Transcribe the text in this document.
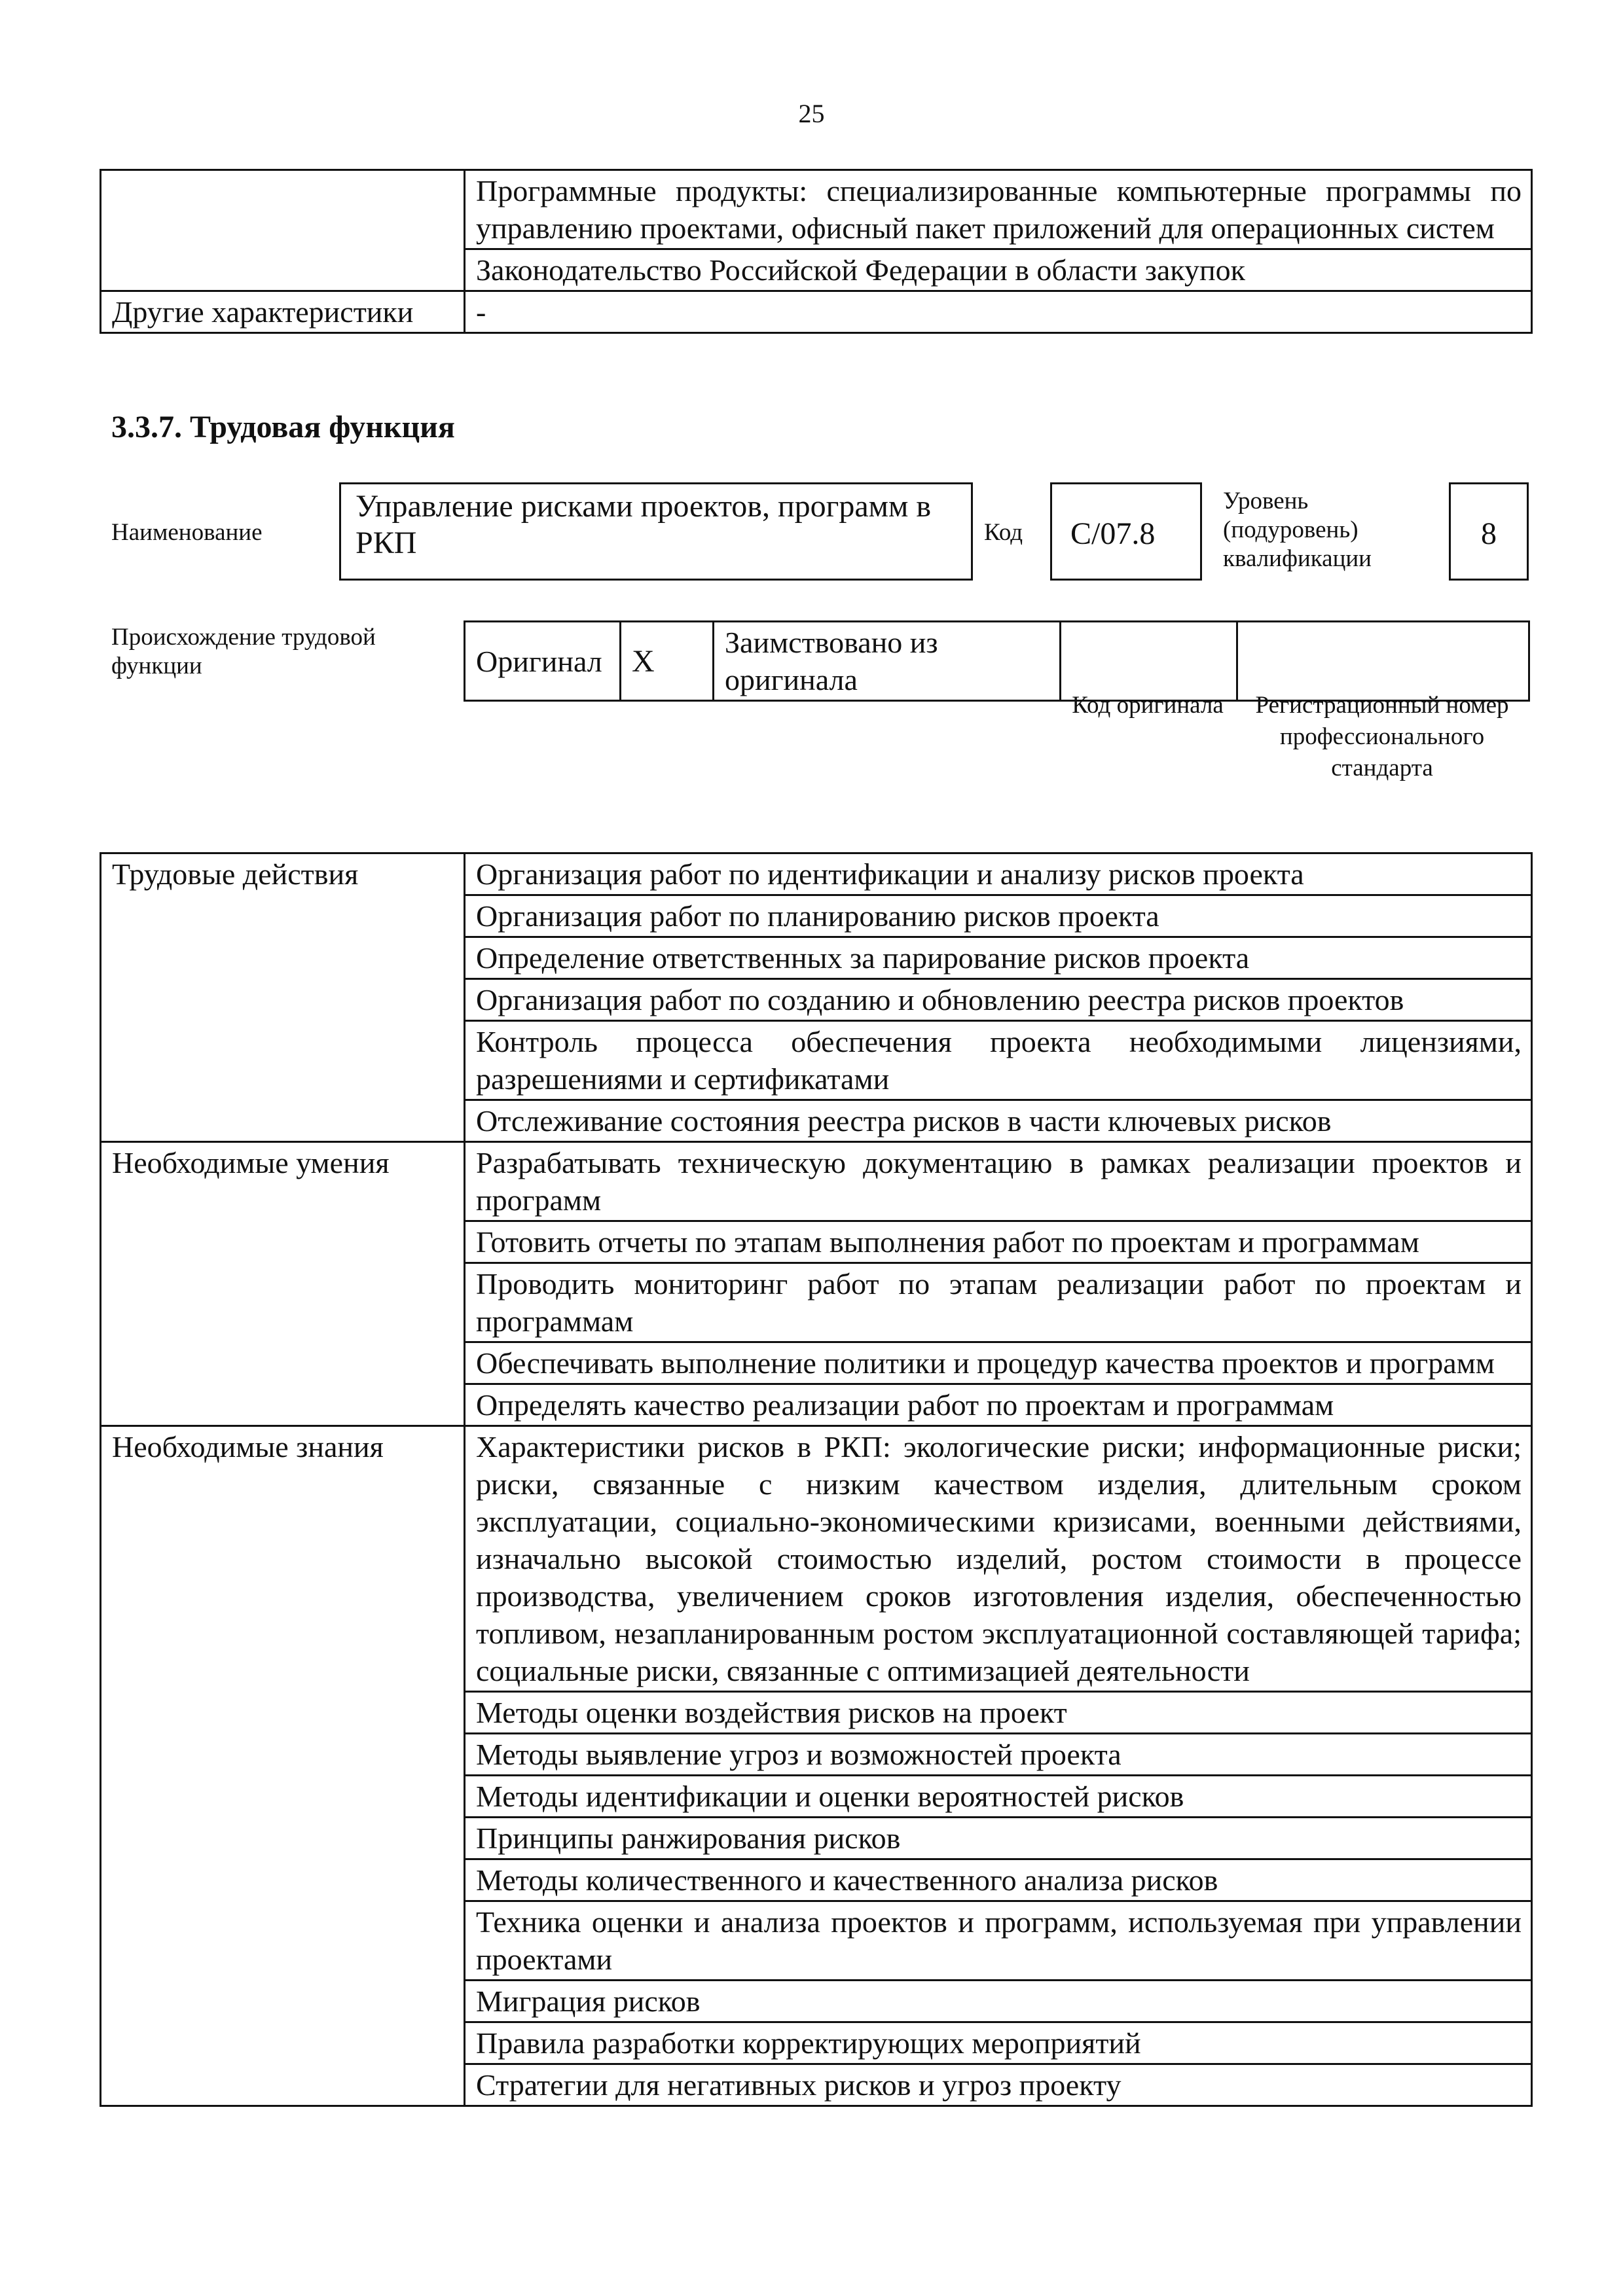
25
	Программные продукты: специализированные компьютерные программы по управлению проектами, офисный пакет приложений для операционных систем
	Законодательство Российской Федерации в области закупок
Другие характеристики	-
3.3.7. Трудовая функция
Наименование
Управление рисками проектов, программ в РКП	Код	C/07.8
Уровень (подуровень) квалификации
8
Происхождение трудовой функции	Оригинал	X	Заимствовано из оригинала		
Код оригинала	Регистрационный номер профессионального стандарта
Трудовые действия	Организация работ по идентификации и анализу рисков проекта
	Организация работ по планированию рисков проекта
	Определение ответственных за парирование рисков проекта
	Организация работ по созданию и обновлению реестра рисков проектов
	Контроль процесса обеспечения проекта необходимыми лицензиями, разрешениями и сертификатами
	Отслеживание состояния реестра рисков в части ключевых рисков
Необходимые умения	Разрабатывать техническую документацию в рамках реализации проектов и программ
	Готовить отчеты по этапам выполнения работ по проектам и программам
	Проводить мониторинг работ по этапам реализации работ по проектам и программам
	Обеспечивать выполнение политики и процедур качества проектов и программ
	Определять качество реализации работ по проектам и программам
Необходимые знания	Характеристики рисков в РКП: экологические риски; информационные риски; риски, связанные с низким качеством изделия, длительным сроком эксплуатации, социально-экономическими кризисами, военными действиями, изначально высокой стоимостью изделий, ростом стоимости в процессе производства, увеличением сроков изготовления изделия, обеспеченностью топливом, незапланированным ростом эксплуатационной составляющей тарифа; социальные риски, связанные с оптимизацией деятельности
	Методы оценки воздействия рисков на проект
	Методы выявление угроз и возможностей проекта
	Методы идентификации и оценки вероятностей рисков
	Принципы ранжирования рисков
	Методы количественного и качественного анализа рисков
	Техника оценки и анализа проектов и программ, используемая при управлении проектами
	Миграция рисков
	Правила разработки корректирующих мероприятий
	Стратегии для негативных рисков и угроз проекту
